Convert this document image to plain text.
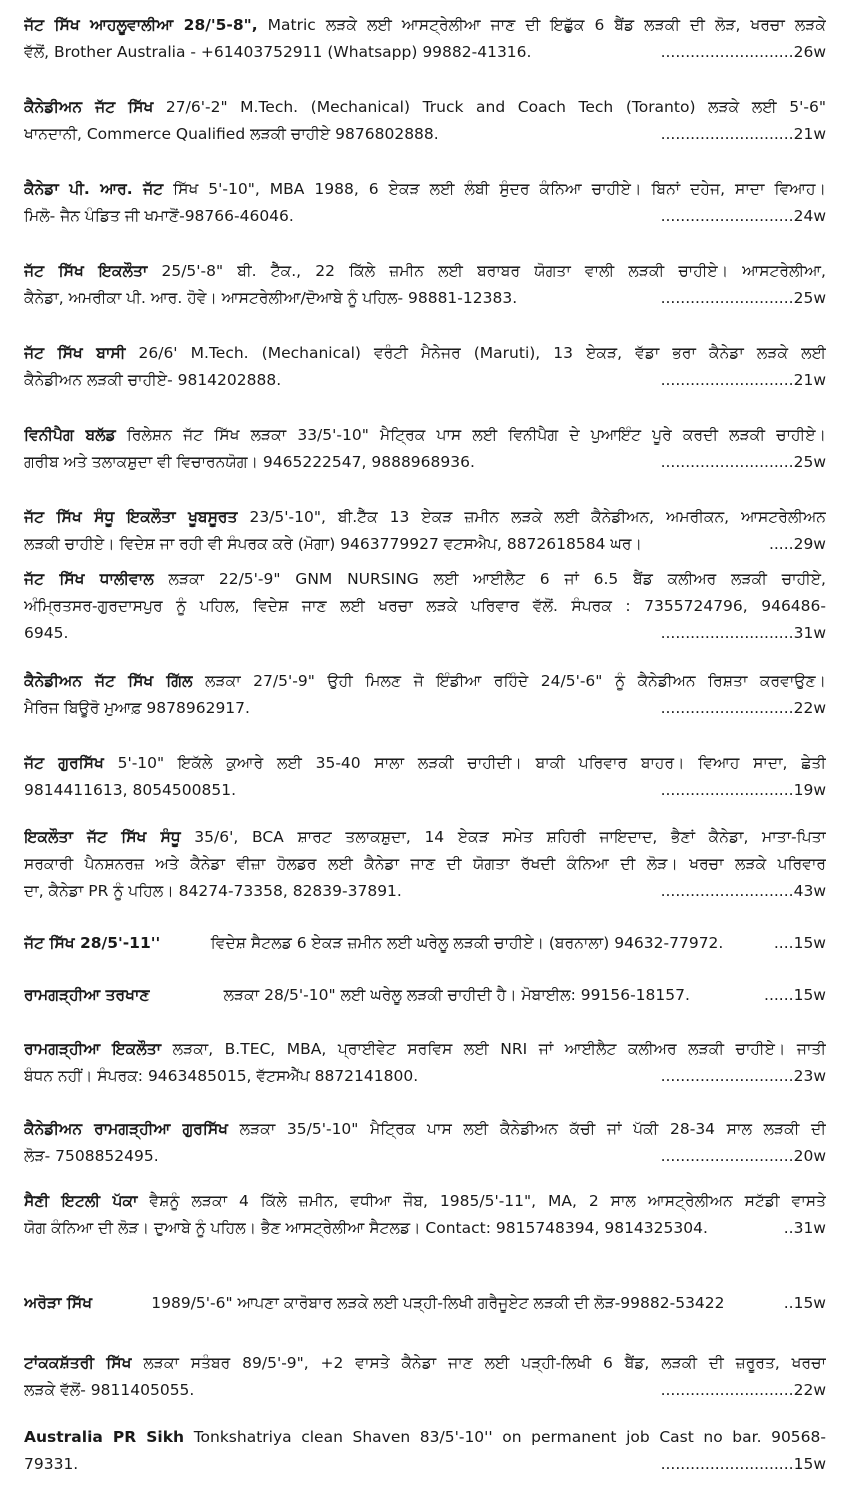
ਜੱਟ ਸਿੱਖ ਆਹਲੂਵਾਲੀਆ 28/'5-8", Matric ਲੜਕੇ ਲਈ ਆਸਟ੍ਰੇਲੀਆ ਜਾਣ ਦੀ ਇਛੁੱਕ 6 ਬੈਂਡ ਲੜਕੀ ਦੀ ਲੋੜ, ਖਰਚਾ ਲੜਕੇ
ਵੱਲੋਂ, Brother Australia - +61403752911 (Whatsapp) 99882-41316.	...........................26w
ਕੈਨੇਡੀਅਨ ਜੱਟ ਸਿੱਖ 27/6'-2" M.Tech. (Mechanical) Truck and Coach Tech (Toranto) ਲੜਕੇ ਲਈ 5'-6"
ਖਾਨਦਾਨੀ, Commerce Qualified ਲੜਕੀ ਚਾਹੀਏ 9876802888.	...........................21w
ਕੈਨੇਡਾ ਪੀ. ਆਰ. ਜੱਟ ਸਿੱਖ 5'-10", MBA 1988, 6 ਏਕੜ ਲਈ ਲੰਬੀ ਸੁੰਦਰ ਕੰਨਿਆ ਚਾਹੀਏ। ਬਿਨਾਂ ਦਹੇਜ, ਸਾਦਾ ਵਿਆਹ।
ਮਿਲੋ- ਜੈਨ ਪੰਡਿਤ ਜੀ ਖਮਾਣੋਂ-98766-46046.	...........................24w
ਜੱਟ ਸਿੱਖ ਇਕਲੌਤਾ 25/5'-8" ਬੀ. ਟੈੱਕ., 22 ਕਿੱਲੇ ਜ਼ਮੀਨ ਲਈ ਬਰਾਬਰ ਯੋਗਤਾ ਵਾਲੀ ਲੜਕੀ ਚਾਹੀਏ। ਆਸਟਰੇਲੀਆ,
ਕੈਨੇਡਾ, ਅਮਰੀਕਾ ਪੀ. ਆਰ. ਹੋਵੇ। ਆਸਟਰੇਲੀਆ/ਦੋਆਬੇ ਨੂੰ ਪਹਿਲ- 98881-12383.	...........................25w
ਜੱਟ ਸਿੱਖ ਬਾਸੀ 26/6' M.Tech. (Mechanical) ਵਰੰਟੀ ਮੈਨੇਜਰ (Maruti), 13 ਏਕੜ, ਵੱਡਾ ਭਰਾ ਕੈਨੇਡਾ ਲੜਕੇ ਲਈ
ਕੈਨੇਡੀਅਨ ਲੜਕੀ ਚਾਹੀਏ- 9814202888.	...........................21w
ਵਿਨੀਪੈਗ ਬਲੱਡ ਰਿਲੇਸ਼ਨ ਜੱਟ ਸਿੱਖ ਲੜਕਾ 33/5'-10" ਮੈਟ੍ਰਿਕ ਪਾਸ ਲਈ ਵਿਨੀਪੈਗ ਦੇ ਪੁਆਇੰਟ ਪੂਰੇ ਕਰਦੀ ਲੜਕੀ ਚਾਹੀਏ।
ਗਰੀਬ ਅਤੇ ਤਲਾਕਸ਼ੁਦਾ ਵੀ ਵਿਚਾਰਨਯੋਗ। 9465222547, 9888968936.	...........................25w
ਜੱਟ ਸਿੱਖ ਸੰਧੂ ਇਕਲੌਤਾ ਖੂਬਸੂਰਤ 23/5'-10", ਬੀ.ਟੈੱਕ 13 ਏਕੜ ਜ਼ਮੀਨ ਲੜਕੇ ਲਈ ਕੈਨੇਡੀਅਨ, ਅਮਰੀਕਨ, ਆਸਟਰੇਲੀਅਨ
ਲੜਕੀ ਚਾਹੀਏ। ਵਿਦੇਸ਼ ਜਾ ਰਹੀ ਵੀ ਸੰਪਰਕ ਕਰੇ (ਮੋਗਾ) 9463779927 ਵਟਸਐਪ, 8872618584 ਘਰ।	.....29w
ਜੱਟ ਸਿੱਖ ਧਾਲੀਵਾਲ ਲੜਕਾ 22/5'-9" GNM NURSING ਲਈ ਆਈਲੈਟ 6 ਜਾਂ 6.5 ਬੈਂਡ ਕਲੀਅਰ ਲੜਕੀ ਚਾਹੀਏ,
ਅੰਮ੍ਰਿਤਸਰ-ਗੁਰਦਾਸਪੁਰ ਨੂੰ ਪਹਿਲ, ਵਿਦੇਸ਼ ਜਾਣ ਲਈ ਖਰਚਾ ਲੜਕੇ ਪਰਿਵਾਰ ਵੱਲੋਂ. ਸੰਪਰਕ : 7355724796, 946486-
6945.	...........................31w
ਕੈਨੇਡੀਅਨ ਜੱਟ ਸਿੱਖ ਗਿੱਲ ਲੜਕਾ 27/5'-9" ਉਹੀ ਮਿਲਣ ਜੋ ਇੰਡੀਆ ਰਹਿੰਦੇ 24/5'-6" ਨੂੰ ਕੈਨੇਡੀਅਨ ਰਿਸ਼ਤਾ ਕਰਵਾਉਣ।
ਮੈਰਿਜ ਬਿਊਰੋ ਮੁਆਫ਼ 9878962917.	...........................22w
ਜੱਟ ਗੁਰਸਿੱਖ 5'-10" ਇਕੱਲੇ ਕੁਆਰੇ ਲਈ 35-40 ਸਾਲਾ ਲੜਕੀ ਚਾਹੀਦੀ। ਬਾਕੀ ਪਰਿਵਾਰ ਬਾਹਰ। ਵਿਆਹ ਸਾਦਾ, ਛੇਤੀ
9814411613, 8054500851.	...........................19w
ਇਕਲੌਤਾ ਜੱਟ ਸਿੱਖ ਸੰਧੂ 35/6', BCA ਸ਼ਾਰਟ ਤਲਾਕਸ਼ੁਦਾ, 14 ਏਕੜ ਸਮੇਤ ਸ਼ਹਿਰੀ ਜਾਇਦਾਦ, ਭੈਣਾਂ ਕੈਨੇਡਾ, ਮਾਤਾ-ਪਿਤਾ
ਸਰਕਾਰੀ ਪੈਨਸ਼ਨਰਜ਼ ਅਤੇ ਕੈਨੇਡਾ ਵੀਜ਼ਾ ਹੋਲਡਰ ਲਈ ਕੈਨੇਡਾ ਜਾਣ ਦੀ ਯੋਗਤਾ ਰੱਖਦੀ ਕੰਨਿਆ ਦੀ ਲੋੜ। ਖਰਚਾ ਲੜਕੇ ਪਰਿਵਾਰ
ਦਾ, ਕੈਨੇਡਾ PR ਨੂੰ ਪਹਿਲ। 84274-73358, 82839-37891.	...........................43w
ਜੱਟ ਸਿੱਖ 28/5'-11''	ਵਿਦੇਸ਼ ਸੈਟਲਡ 6 ਏਕੜ ਜ਼ਮੀਨ ਲਈ ਘਰੇਲੂ ਲੜਕੀ ਚਾਹੀਏ। (ਬਰਨਾਲਾ) 94632-77972.	....15w
ਰਾਮਗੜ੍ਹੀਆ ਤਰਖਾਣ	ਲੜਕਾ 28/5'-10" ਲਈ ਘਰੇਲੂ ਲੜਕੀ ਚਾਹੀਦੀ ਹੈ। ਮੋਬਾਈਲ: 99156-18157.	......15w
ਰਾਮਗੜ੍ਹੀਆ ਇਕਲੌਤਾ ਲੜਕਾ, B.TEC, MBA, ਪ੍ਰਾਈਵੇਟ ਸਰਵਿਸ ਲਈ NRI ਜਾਂ ਆਈਲੈਟ ਕਲੀਅਰ ਲੜਕੀ ਚਾਹੀਏ। ਜਾਤੀ
ਬੰਧਨ ਨਹੀਂ। ਸੰਪਰਕ: 9463485015, ਵੱਟਸਐੱਪ 8872141800.	...........................23w
ਕੈਨੇਡੀਅਨ ਰਾਮਗੜ੍ਹੀਆ ਗੁਰਸਿੱਖ ਲੜਕਾ 35/5'-10" ਮੈਟ੍ਰਿਕ ਪਾਸ ਲਈ ਕੈਨੇਡੀਅਨ ਕੱਚੀ ਜਾਂ ਪੱਕੀ 28-34 ਸਾਲ ਲੜਕੀ ਦੀ
ਲੋੜ- 7508852495.	...........................20w
ਸੈਣੀ ਇਟਲੀ ਪੱਕਾ ਵੈਸ਼ਨੂੰ ਲੜਕਾ 4 ਕਿੱਲੇ ਜ਼ਮੀਨ, ਵਧੀਆ ਜੌਬ, 1985/5'-11", MA, 2 ਸਾਲ ਆਸਟ੍ਰੇਲੀਅਨ ਸਟੱਡੀ ਵਾਸਤੇ
ਯੋਗ ਕੰਨਿਆ ਦੀ ਲੋੜ। ਦੁਆਬੇ ਨੂੰ ਪਹਿਲ। ਭੈਣ ਆਸਟ੍ਰੇਲੀਆ ਸੈਟਲਡ। Contact: 9815748394, 9814325304.	..31w
ਅਰੋੜਾ ਸਿੱਖ	1989/5'-6" ਆਪਣਾ ਕਾਰੋਬਾਰ ਲੜਕੇ ਲਈ ਪੜ੍ਹੀ-ਲਿਖੀ ਗਰੈਜੂਏਟ ਲੜਕੀ ਦੀ ਲੋੜ-99882-53422	..15w
ਟਾਂਕਕਸ਼ੱਤਰੀ ਸਿੱਖ ਲੜਕਾ ਸਤੰਬਰ 89/5'-9", +2 ਵਾਸਤੇ ਕੈਨੇਡਾ ਜਾਣ ਲਈ ਪੜ੍ਹੀ-ਲਿਖੀ 6 ਬੈਂਡ, ਲੜਕੀ ਦੀ ਜ਼ਰੂਰਤ, ਖਰਚਾ
ਲੜਕੇ ਵੱਲੋਂ- 9811405055.	...........................22w
Australia PR Sikh Tonkshatriya clean Shaven 83/5'-10'' on permanent job Cast no bar. 90568-
79331.	...........................15w
